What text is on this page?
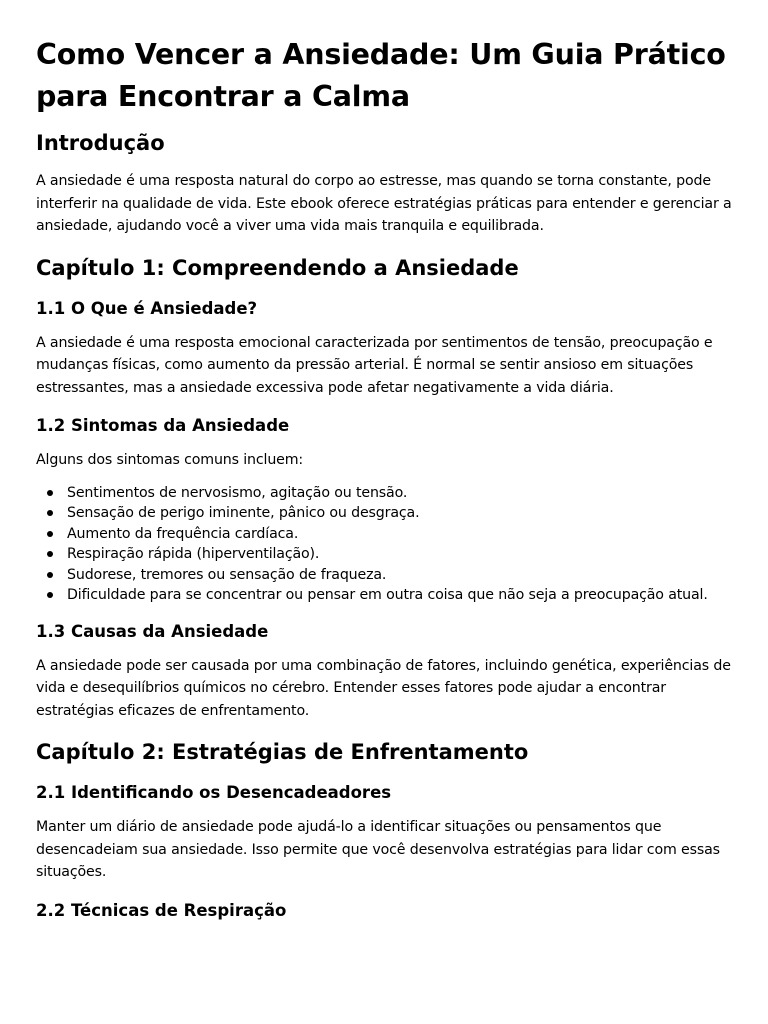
Como Vencer a Ansiedade: Um Guia Prático para Encontrar a Calma
Introdução

A ansiedade é uma resposta natural do corpo ao estresse, mas quando se torna constante, pode interferir na qualidade de vida. Este ebook oferece estratégias práticas para entender e gerenciar a ansiedade, ajudando você a viver uma vida mais tranquila e equilibrada.

Capítulo 1: Compreendendo a Ansiedade
1.1 O Que é Ansiedade?

A ansiedade é uma resposta emocional caracterizada por sentimentos de tensão, preocupação e mudanças físicas, como aumento da pressão arterial. É normal se sentir ansioso em situações estressantes, mas a ansiedade excessiva pode afetar negativamente a vida diária.

1.2 Sintomas da Ansiedade

Alguns dos sintomas comuns incluem:

Sentimentos de nervosismo, agitação ou tensão.
Sensação de perigo iminente, pânico ou desgraça.
Aumento da frequência cardíaca.
Respiração rápida (hiperventilação).
Sudorese, tremores ou sensação de fraqueza.
Dificuldade para se concentrar ou pensar em outra coisa que não seja a preocupação atual.
1.3 Causas da Ansiedade

A ansiedade pode ser causada por uma combinação de fatores, incluindo genética, experiências de vida e desequilíbrios químicos no cérebro. Entender esses fatores pode ajudar a encontrar estratégias eficazes de enfrentamento.

Capítulo 2: Estratégias de Enfrentamento
2.1 Identificando os Desencadeadores

Manter um diário de ansiedade pode ajudá-lo a identificar situações ou pensamentos que desencadeiam sua ansiedade. Isso permite que você desenvolva estratégias para lidar com essas situações.

2.2 Técnicas de Respiração
